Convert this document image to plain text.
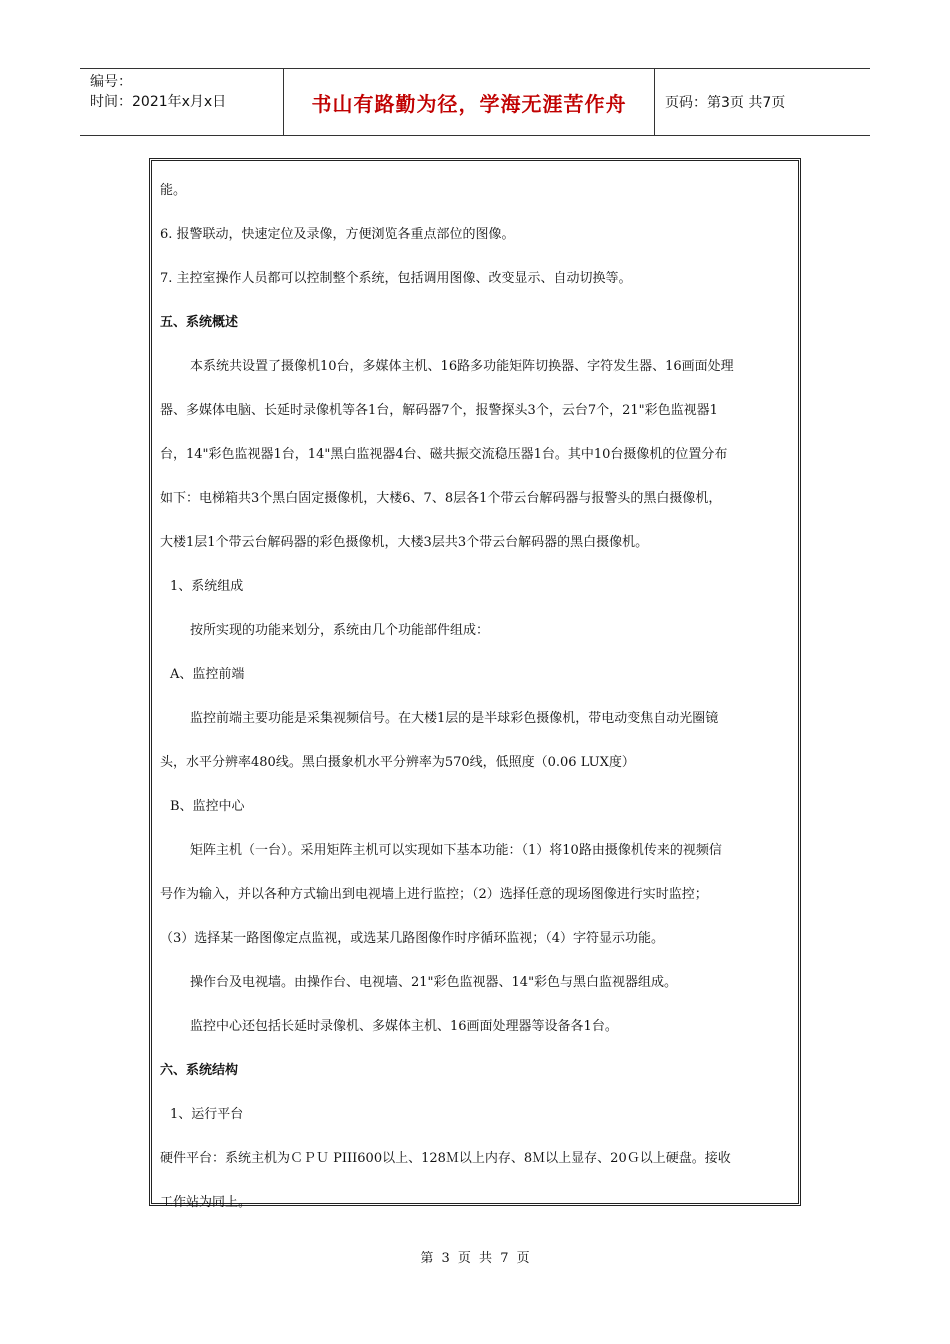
编号：
时间：2021年x月x日	书山有路勤为径，学海无涯苦作舟	页码：第3页 共7页
能。
6. 报警联动，快速定位及录像，方便浏览各重点部位的图像。
7. 主控室操作人员都可以控制整个系统，包括调用图像、改变显示、自动切换等。
五、系统概述
本系统共设置了摄像机10台，多媒体主机、16路多功能矩阵切换器、字符发生器、16画面处理
器、多媒体电脑、长延时录像机等各1台，解码器7个，报警探头3个，云台7个，21"彩色监视器1
台，14"彩色监视器1台，14"黑白监视器4台、磁共振交流稳压器1台。其中10台摄像机的位置分布
如下：电梯箱共3个黑白固定摄像机，大楼6、7、8层各1个带云台解码器与报警头的黑白摄像机，
大楼1层1个带云台解码器的彩色摄像机，大楼3层共3个带云台解码器的黑白摄像机。
1、系统组成
按所实现的功能来划分，系统由几个功能部件组成：
A、监控前端
监控前端主要功能是采集视频信号。在大楼1层的是半球彩色摄像机，带电动变焦自动光圈镜
头，水平分辨率480线。黑白摄象机水平分辨率为570线，低照度（0.06 LUX度）
B、监控中心
矩阵主机（一台）。采用矩阵主机可以实现如下基本功能：（1）将10路由摄像机传来的视频信
号作为输入，并以各种方式输出到电视墙上进行监控；（2）选择任意的现场图像进行实时监控；
（3）选择某一路图像定点监视，或选某几路图像作时序循环监视；（4）字符显示功能。
操作台及电视墙。由操作台、电视墙、21"彩色监视器、14"彩色与黑白监视器组成。
监控中心还包括长延时录像机、多媒体主机、16画面处理器等设备各1台。
六、系统结构
1、运行平台
硬件平台：系统主机为ＣＰＵ PIII600以上、128Ｍ以上内存、8Ｍ以上显存、20Ｇ以上硬盘。接收
工作站为同上。
第 3 页 共 7 页
